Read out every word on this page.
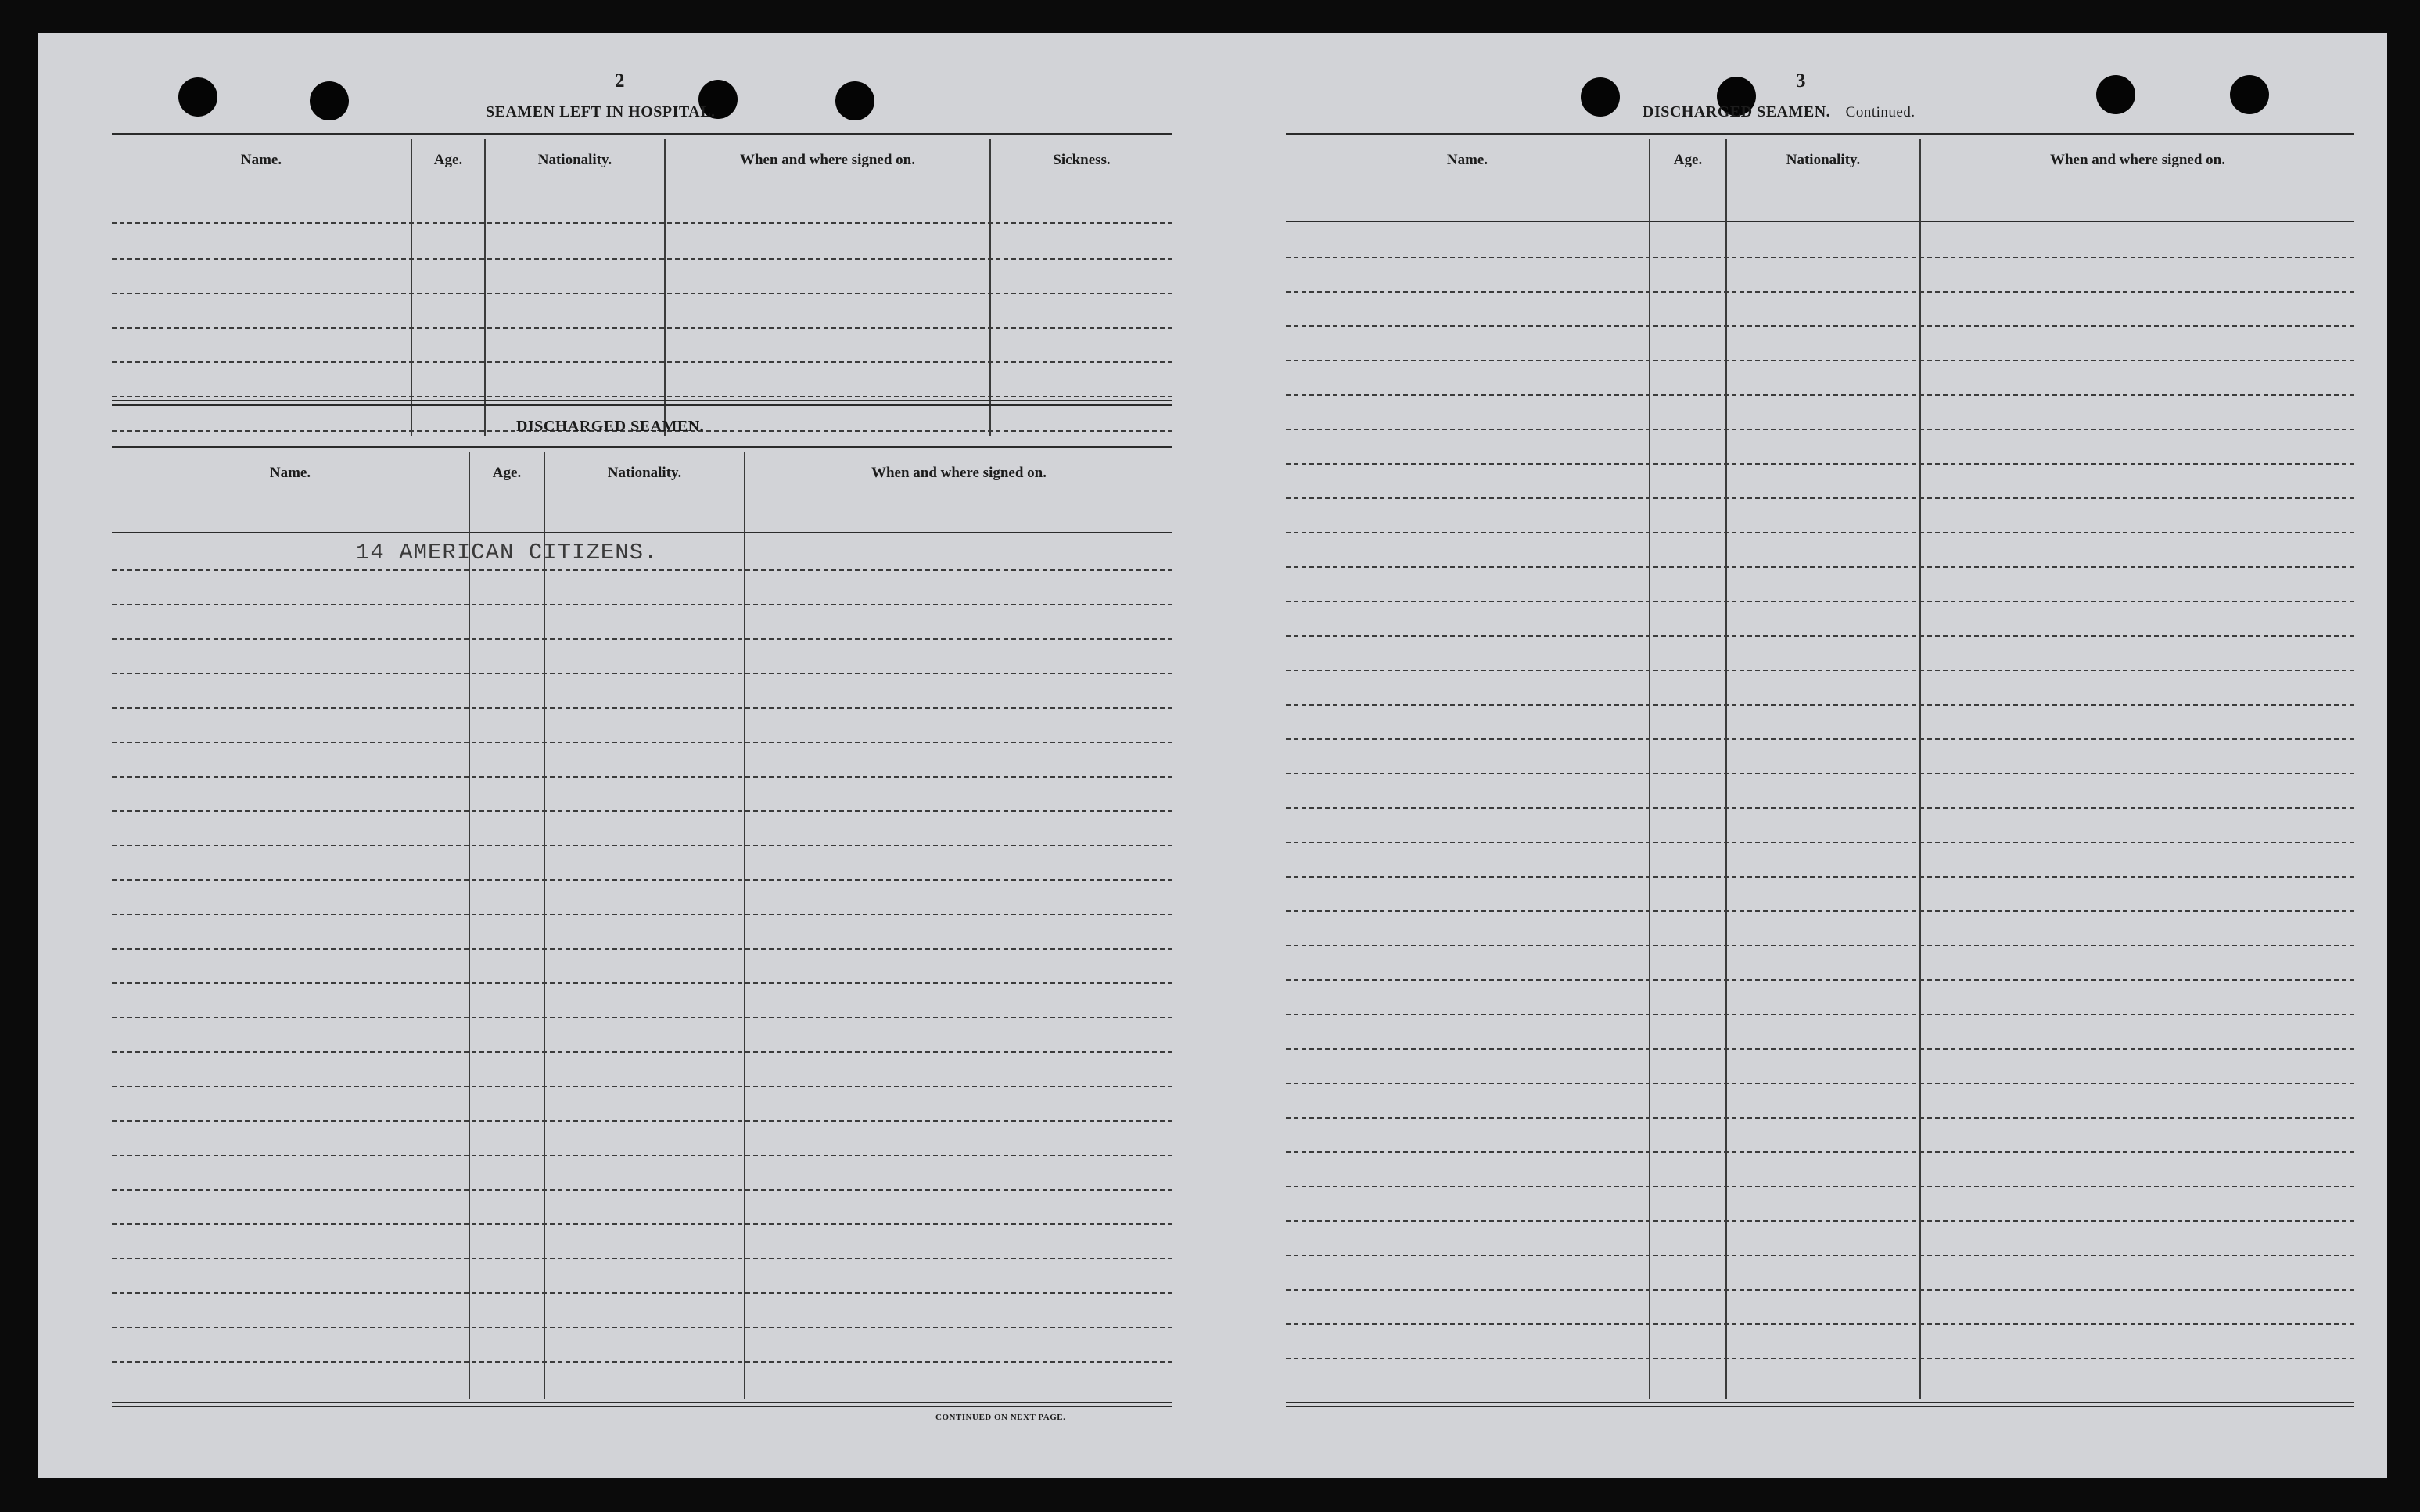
2
SEAMEN LEFT IN HOSPITAL.
Name.	Age.	Nationality.	When and where signed on.	Sickness.
DISCHARGED SEAMEN.
Name.	Age.	Nationality.	When and where signed on.
14 AMERICAN CITIZENS.
CONTINUED ON NEXT PAGE.
3
DISCHARGED SEAMEN.—Continued.
Name.	Age.	Nationality.	When and where signed on.
